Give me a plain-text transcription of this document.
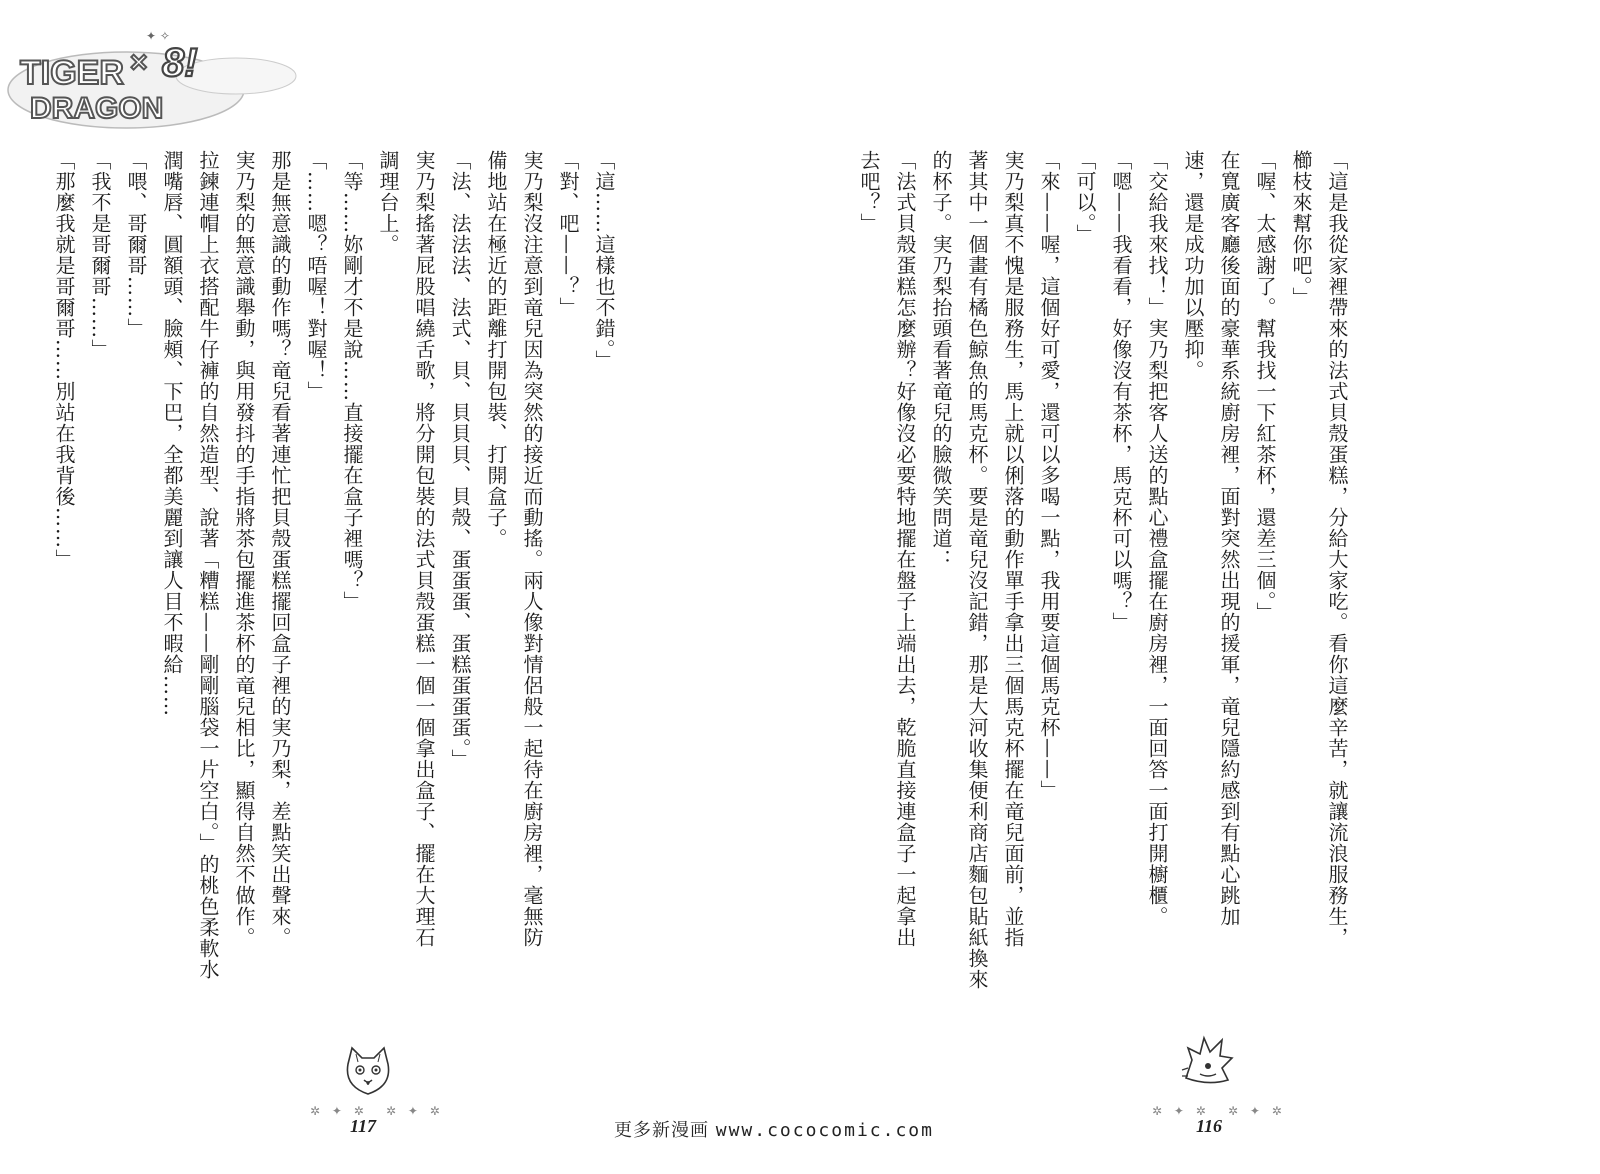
TIGER × 8!
DRAGON
✦ ✧
「這……這樣也不錯。」
「對、吧——？」
実乃梨沒注意到竜兒因為突然的接近而動搖。兩人像對情侶般一起待在廚房裡，毫無防
備地站在極近的距離打開包裝、打開盒子。
「法、法法法、法式、貝、貝貝貝、貝殼、蛋蛋蛋、蛋糕蛋蛋蛋。」
実乃梨搖著屁股唱繞舌歌，將分開包裝的法式貝殼蛋糕一個一個拿出盒子、擺在大理石
調理台上。
「等……妳剛才不是說……直接擺在盒子裡嗎？」
「……嗯？唔喔！對喔！」
那是無意識的動作嗎？竜兒看著連忙把貝殼蛋糕擺回盒子裡的実乃梨，差點笑出聲來。
実乃梨的無意識舉動，與用發抖的手指將茶包擺進茶杯的竜兒相比，顯得自然不做作。
拉鍊連帽上衣搭配牛仔褲的自然造型、說著「糟糕——剛剛腦袋一片空白。」的桃色柔軟水
潤嘴唇、圓額頭、臉頰、下巴，全都美麗到讓人目不暇給……
「喂、哥爾哥……」
「我不是哥爾哥……」
「那麼我就是哥爾哥……別站在我背後……」	「這是我從家裡帶來的法式貝殼蛋糕，分給大家吃。看你這麼辛苦，就讓流浪服務生，
櫛枝來幫你吧。」
「喔、太感謝了。幫我找一下紅茶杯，還差三個。」
在寬廣客廳後面的豪華系統廚房裡，面對突然出現的援軍，竜兒隱約感到有點心跳加
速，還是成功加以壓抑。
「交給我來找！」実乃梨把客人送的點心禮盒擺在廚房裡，一面回答一面打開櫥櫃。
「嗯——我看看，好像沒有茶杯，馬克杯可以嗎？」
「可以。」
「來——喔，這個好可愛，還可以多喝一點，我用要這個馬克杯——」
実乃梨真不愧是服務生，馬上就以俐落的動作單手拿出三個馬克杯擺在竜兒面前，並指
著其中一個畫有橘色鯨魚的馬克杯。要是竜兒沒記錯，那是大河收集便利商店麵包貼紙換來
的杯子。実乃梨抬頭看著竜兒的臉微笑問道：
「法式貝殼蛋糕怎麼辦？好像沒必要特地擺在盤子上端出去，乾脆直接連盒子一起拿出
去吧？」
✲ ✦ ✲
117
✲ ✦ ✲	✲ ✦ ✲
116
✲ ✦ ✲
更多新漫画 www.cococomic.com
